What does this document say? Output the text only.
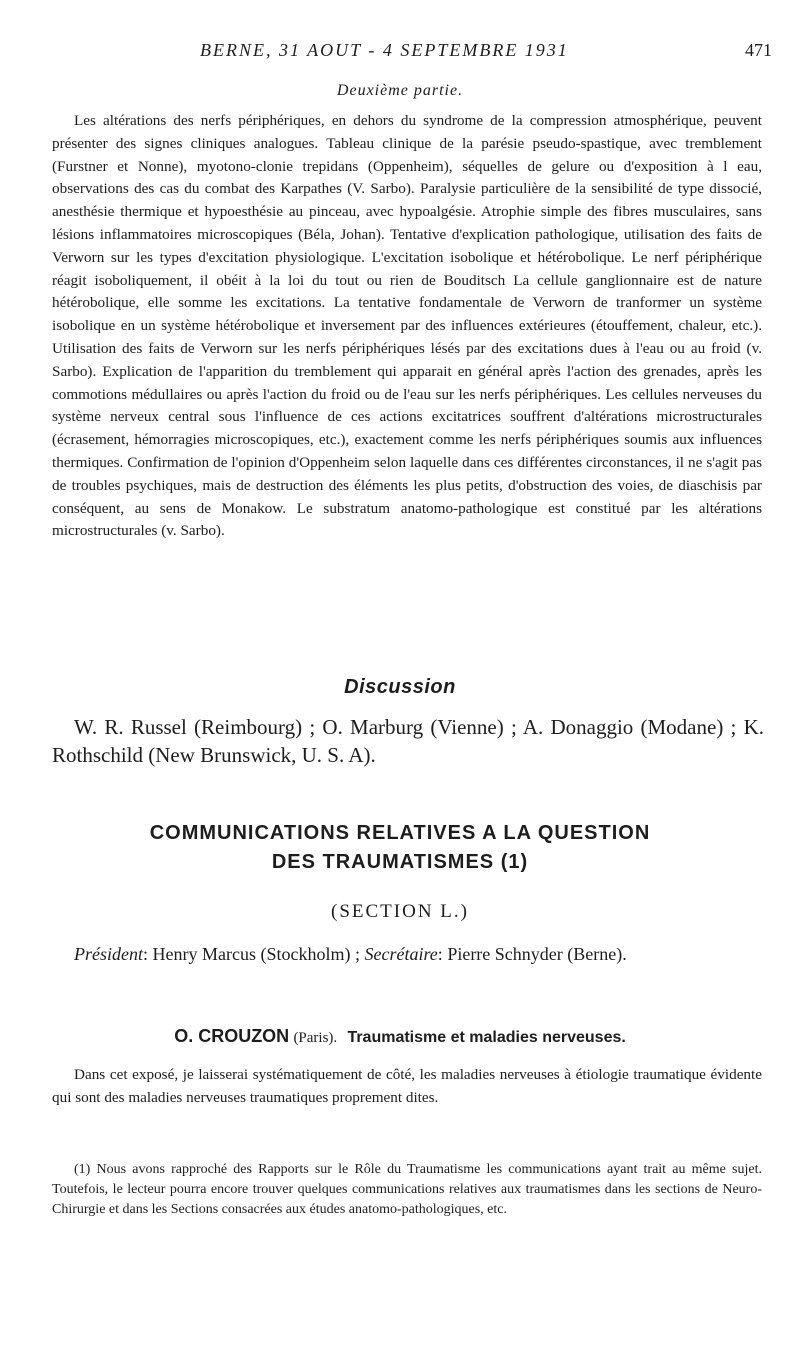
BERNE, 31 AOUT - 4 SEPTEMBRE 1931	471
Deuxième partie.

Les altérations des nerfs périphériques, en dehors du syndrome de la compression atmosphérique, peuvent présenter des signes cliniques analogues. Tableau clinique de la parésie pseudo-spastique, avec tremblement (Furstner et Nonne), myotono-clonie trepidans (Oppenheim), séquelles de gelure ou d'exposition à l eau, observations des cas du combat des Karpathes (V. Sarbo). Paralysie particulière de la sensibilité de type dissocié, anesthésie thermique et hypoesthésie au pinceau, avec hypoalgésie. Atrophie simple des fibres musculaires, sans lésions inflammatoires microscopiques (Béla, Johan). Tentative d'explication pathologique, utilisation des faits de Verworn sur les types d'excitation physiologique. L'excitation isobolique et hétérobolique. Le nerf périphérique réagit isoboliquement, il obéit à la loi du tout ou rien de Bouditsch La cellule ganglionnaire est de nature hétérobolique, elle somme les excitations. La tentative fondamentale de Verworn de tranformer un système isobolique en un système hétérobolique et inversement par des influences extérieures (étouffement, chaleur, etc.). Utilisation des faits de Verworn sur les nerfs périphériques lésés par des excitations dues à l'eau ou au froid (v. Sarbo). Explication de l'apparition du tremblement qui apparait en général après l'action des grenades, après les commotions médullaires ou après l'action du froid ou de l'eau sur les nerfs périphériques. Les cellules nerveuses du système nerveux central sous l'influence de ces actions excitatrices souffrent d'altérations microstructurales (écrasement, hémorragies microscopiques, etc.), exactement comme les nerfs périphériques soumis aux influences thermiques. Confirmation de l'opinion d'Oppenheim selon laquelle dans ces différentes circonstances, il ne s'agit pas de troubles psychiques, mais de destruction des éléments les plus petits, d'obstruction des voies, de diaschisis par conséquent, au sens de Monakow. Le substratum anatomo-pathologique est constitué par les altérations microstructurales (v. Sarbo).

Discussion

W. R. Russel (Reimbourg) ; O. Marburg (Vienne) ; A. Donaggio (Modane) ; K. Rothschild (New Brunswick, U. S. A).

COMMUNICATIONS RELATIVES A LA QUESTION
DES TRAUMATISMES (1)
(SECTION L.)

Président: Henry Marcus (Stockholm) ; Secrétaire: Pierre Schnyder (Berne).

O. CROUZON (Paris). Traumatisme et maladies nerveuses.

Dans cet exposé, je laisserai systématiquement de côté, les maladies nerveuses à étiologie traumatique évidente qui sont des maladies nerveuses traumatiques proprement dites.

(1) Nous avons rapproché des Rapports sur le Rôle du Traumatisme les communications ayant trait au même sujet. Toutefois, le lecteur pourra encore trouver quelques communications relatives aux traumatismes dans les sections de Neuro-Chirurgie et dans les Sections consacrées aux études anatomo-pathologiques, etc.
